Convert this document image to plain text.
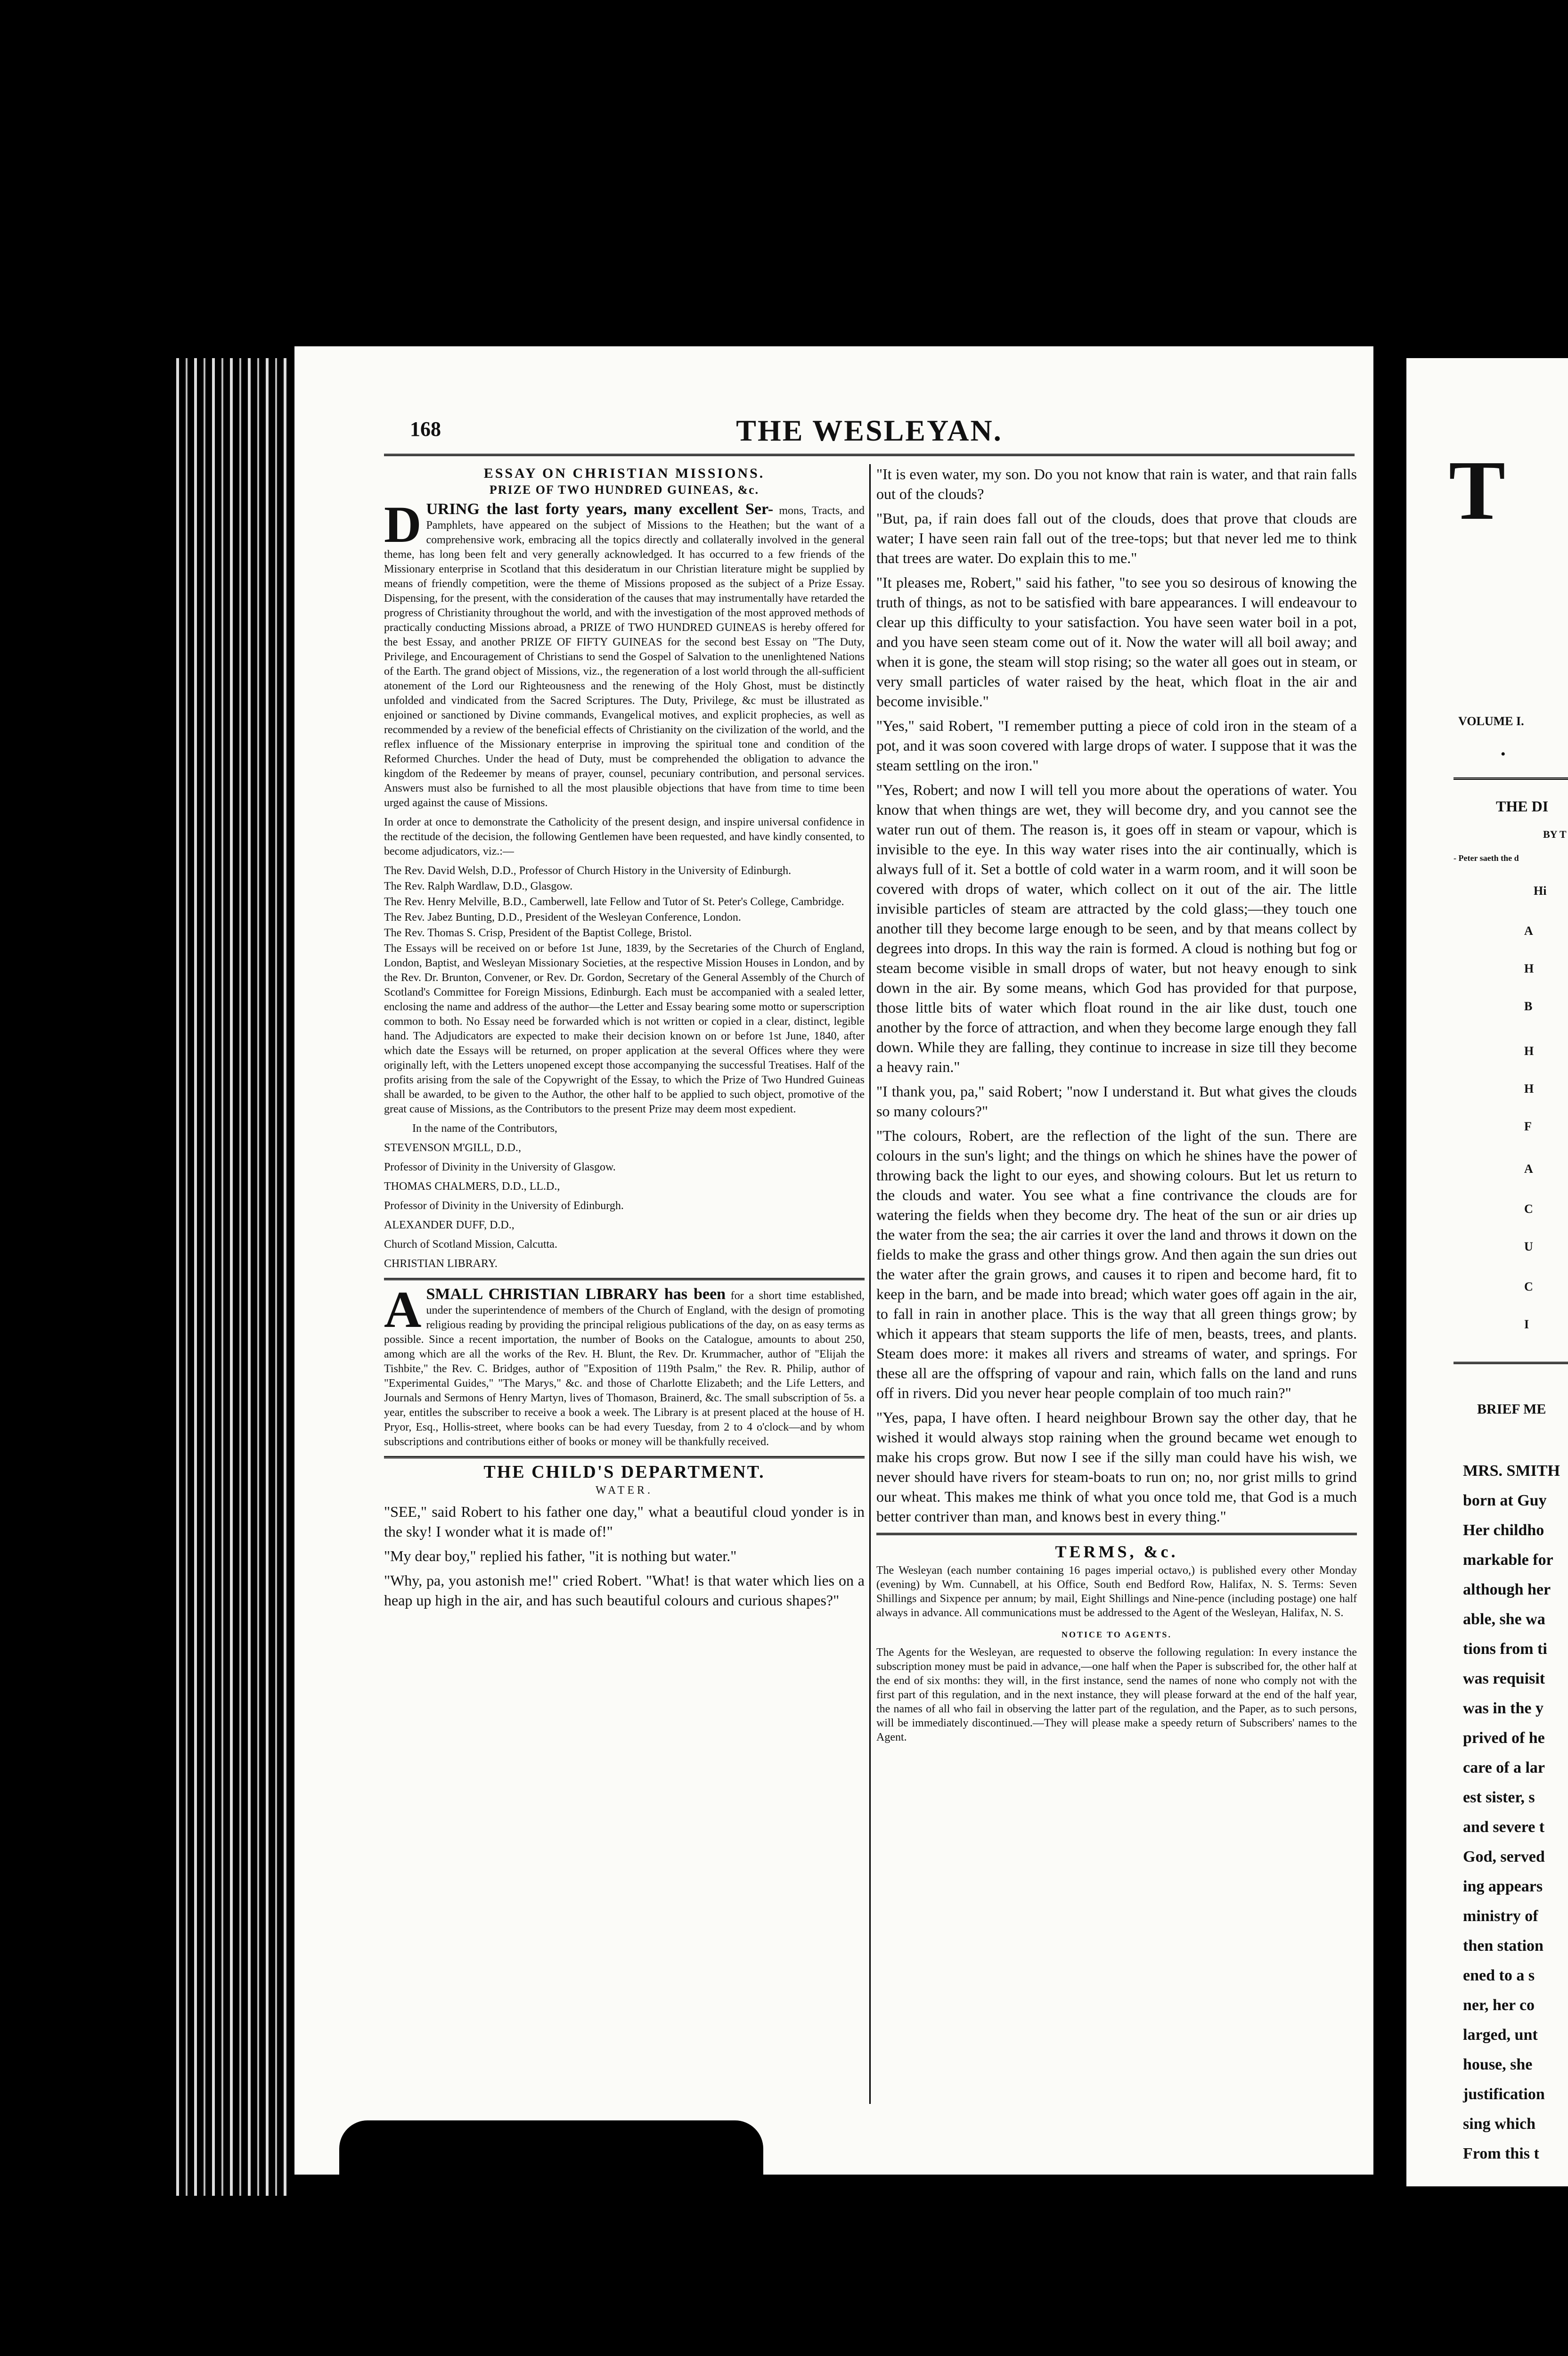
168	THE WESLEYAN.
ESSAY ON CHRISTIAN MISSIONS.
PRIZE OF TWO HUNDRED GUINEAS, &c.

D URING the last forty years, many excellent Ser- mons, Tracts, and Pamphlets, have appeared on the subject of Missions to the Heathen; but the want of a comprehensive work, embracing all the topics directly and collaterally involved in the general theme, has long been felt and very generally acknowledged. It has occurred to a few friends of the Missionary enterprise in Scotland that this desideratum in our Christian literature might be supplied by means of friendly competition, were the theme of Missions proposed as the subject of a Prize Essay. Dispensing, for the present, with the consideration of the causes that may instrumentally have retarded the progress of Christianity throughout the world, and with the investigation of the most approved methods of practically conducting Missions abroad, a PRIZE of TWO HUNDRED GUINEAS is hereby offered for the best Essay, and another PRIZE OF FIFTY GUINEAS for the second best Essay on "The Duty, Privilege, and Encouragement of Christians to send the Gospel of Salvation to the unenlightened Nations of the Earth. The grand object of Missions, viz., the regeneration of a lost world through the all-sufficient atonement of the Lord our Righteousness and the renewing of the Holy Ghost, must be distinctly unfolded and vindicated from the Sacred Scriptures. The Duty, Privilege, &c must be illustrated as enjoined or sanctioned by Divine commands, Evangelical motives, and explicit prophecies, as well as recommended by a review of the beneficial effects of Christianity on the civilization of the world, and the reflex influence of the Missionary enterprise in improving the spiritual tone and condition of the Reformed Churches. Under the head of Duty, must be comprehended the obligation to advance the kingdom of the Redeemer by means of prayer, counsel, pecuniary contribution, and personal services. Answers must also be furnished to all the most plausible objections that have from time to time been urged against the cause of Missions.

In order at once to demonstrate the Catholicity of the present design, and inspire universal confidence in the rectitude of the decision, the following Gentlemen have been requested, and have kindly consented, to become adjudicators, viz.:—

The Rev. David Welsh, D.D., Professor of Church History in the University of Edinburgh.

The Rev. Ralph Wardlaw, D.D., Glasgow.

The Rev. Henry Melville, B.D., Camberwell, late Fellow and Tutor of St. Peter's College, Cambridge.

The Rev. Jabez Bunting, D.D., President of the Wesleyan Conference, London.

The Rev. Thomas S. Crisp, President of the Baptist College, Bristol.

The Essays will be received on or before 1st June, 1839, by the Secretaries of the Church of England, London, Baptist, and Wesleyan Missionary Societies, at the respective Mission Houses in London, and by the Rev. Dr. Brunton, Convener, or Rev. Dr. Gordon, Secretary of the General Assembly of the Church of Scotland's Committee for Foreign Missions, Edinburgh. Each must be accompanied with a sealed letter, enclosing the name and address of the author—the Letter and Essay bearing some motto or superscription common to both. No Essay need be forwarded which is not written or copied in a clear, distinct, legible hand. The Adjudicators are expected to make their decision known on or before 1st June, 1840, after which date the Essays will be returned, on proper application at the several Offices where they were originally left, with the Letters unopened except those accompanying the successful Treatises. Half of the profits arising from the sale of the Copywright of the Essay, to which the Prize of Two Hundred Guineas shall be awarded, to be given to the Author, the other half to be applied to such object, promotive of the great cause of Missions, as the Contributors to the present Prize may deem most expedient.

In the name of the Contributors,

STEVENSON M'GILL, D.D.,

Professor of Divinity in the University of Glasgow.

THOMAS CHALMERS, D.D., LL.D.,

Professor of Divinity in the University of Edinburgh.

ALEXANDER DUFF, D.D.,

Church of Scotland Mission, Calcutta.

CHRISTIAN LIBRARY.

A SMALL CHRISTIAN LIBRARY has been for a short time established, under the superintendence of members of the Church of England, with the design of promoting religious reading by providing the principal religious publications of the day, on as easy terms as possible. Since a recent importation, the number of Books on the Catalogue, amounts to about 250, among which are all the works of the Rev. H. Blunt, the Rev. Dr. Krummacher, author of "Elijah the Tishbite," the Rev. C. Bridges, author of "Exposition of 119th Psalm," the Rev. R. Philip, author of "Experimental Guides," "The Marys," &c. and those of Charlotte Elizabeth; and the Life Letters, and Journals and Sermons of Henry Martyn, lives of Thomason, Brainerd, &c. The small subscription of 5s. a year, entitles the subscriber to receive a book a week. The Library is at present placed at the house of H. Pryor, Esq., Hollis-street, where books can be had every Tuesday, from 2 to 4 o'clock—and by whom subscriptions and contributions either of books or money will be thankfully received.

THE CHILD'S DEPARTMENT.
WATER.

"SEE," said Robert to his father one day," what a beautiful cloud yonder is in the sky! I wonder what it is made of!"

"My dear boy," replied his father, "it is nothing but water."

"Why, pa, you astonish me!" cried Robert. "What! is that water which lies on a heap up high in the air, and has such beautiful colours and curious shapes?"

"It is even water, my son. Do you not know that rain is water, and that rain falls out of the clouds?

"But, pa, if rain does fall out of the clouds, does that prove that clouds are water; I have seen rain fall out of the tree-tops; but that never led me to think that trees are water. Do explain this to me."

"It pleases me, Robert," said his father, "to see you so desirous of knowing the truth of things, as not to be satisfied with bare appearances. I will endeavour to clear up this difficulty to your satisfaction. You have seen water boil in a pot, and you have seen steam come out of it. Now the water will all boil away; and when it is gone, the steam will stop rising; so the water all goes out in steam, or very small particles of water raised by the heat, which float in the air and become invisible."

"Yes," said Robert, "I remember putting a piece of cold iron in the steam of a pot, and it was soon covered with large drops of water. I suppose that it was the steam settling on the iron."

"Yes, Robert; and now I will tell you more about the operations of water. You know that when things are wet, they will become dry, and you cannot see the water run out of them. The reason is, it goes off in steam or vapour, which is invisible to the eye. In this way water rises into the air continually, which is always full of it. Set a bottle of cold water in a warm room, and it will soon be covered with drops of water, which collect on it out of the air. The little invisible particles of steam are attracted by the cold glass;—they touch one another till they become large enough to be seen, and by that means collect by degrees into drops. In this way the rain is formed. A cloud is nothing but fog or steam become visible in small drops of water, but not heavy enough to sink down in the air. By some means, which God has provided for that purpose, those little bits of water which float round in the air like dust, touch one another by the force of attraction, and when they become large enough they fall down. While they are falling, they continue to increase in size till they become a heavy rain."

"I thank you, pa," said Robert; "now I understand it. But what gives the clouds so many colours?"

"The colours, Robert, are the reflection of the light of the sun. There are colours in the sun's light; and the things on which he shines have the power of throwing back the light to our eyes, and showing colours. But let us return to the clouds and water. You see what a fine contrivance the clouds are for watering the fields when they become dry. The heat of the sun or air dries up the water from the sea; the air carries it over the land and throws it down on the fields to make the grass and other things grow. And then again the sun dries out the water after the grain grows, and causes it to ripen and become hard, fit to keep in the barn, and be made into bread; which water goes off again in the air, to fall in rain in another place. This is the way that all green things grow; by which it appears that steam supports the life of men, beasts, trees, and plants. Steam does more: it makes all rivers and streams of water, and springs. For these all are the offspring of vapour and rain, which falls on the land and runs off in rivers. Did you never hear people complain of too much rain?"

"Yes, papa, I have often. I heard neighbour Brown say the other day, that he wished it would always stop raining when the ground became wet enough to make his crops grow. But now I see if the silly man could have his wish, we never should have rivers for steam-boats to run on; no, nor grist mills to grind our wheat. This makes me think of what you once told me, that God is a much better contriver than man, and knows best in every thing."

TERMS, &c.

The Wesleyan (each number containing 16 pages imperial octavo,) is published every other Monday (evening) by Wm. Cunnabell, at his Office, South end Bedford Row, Halifax, N. S. Terms: Seven Shillings and Sixpence per annum; by mail, Eight Shillings and Nine-pence (including postage) one half always in advance. All communications must be addressed to the Agent of the Wesleyan, Halifax, N. S.

NOTICE TO AGENTS.

The Agents for the Wesleyan, are requested to observe the following regulation: In every instance the subscription money must be paid in advance,—one half when the Paper is subscribed for, the other half at the end of six months: they will, in the first instance, send the names of none who comply not with the first part of this regulation, and in the next instance, they will please forward at the end of the half year, the names of all who fail in observing the latter part of the regulation, and the Paper, as to such persons, will be immediately discontinued.—They will please make a speedy return of Subscribers' names to the Agent.

T
VOLUME I.
•
THE DI
BY T
- Peter saeth the d
Hi
A
H
B
H
H
F
A
C
U
C
I
BRIEF ME
MRS. SMITH
born at Guy
Her childho
markable for
although her
able, she wa
tions from ti
was requisit
was in the y
prived of he
care of a lar
est sister, s
and severe t
God, served
ing appears
ministry of
then station
ened to a s
ner, her co
larged, unt
house, she
justification
sing which
From this t
